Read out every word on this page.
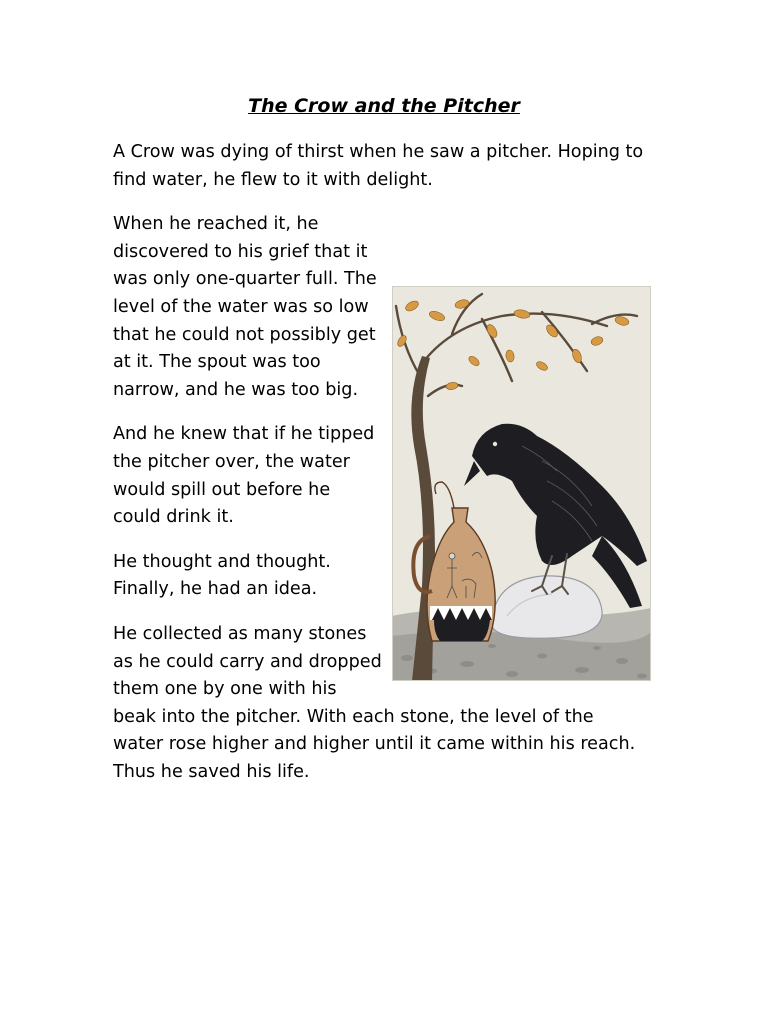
The Crow and the Pitcher

A Crow was dying of thirst when he saw a pitcher. Hoping to find water, he flew to it with delight.

When he reached it, he discovered to his grief that it was only one-quarter full. The level of the water was so low that he could not possibly get at it. The spout was too narrow, and he was too big.

And he knew that if he tipped the pitcher over, the water would spill out before he could drink it.

He thought and thought. Finally, he had an idea.

He collected as many stones as he could carry and dropped them one by one with his beak into the pitcher. With each stone, the level of the water rose higher and higher until it came within his reach. Thus he saved his life.
